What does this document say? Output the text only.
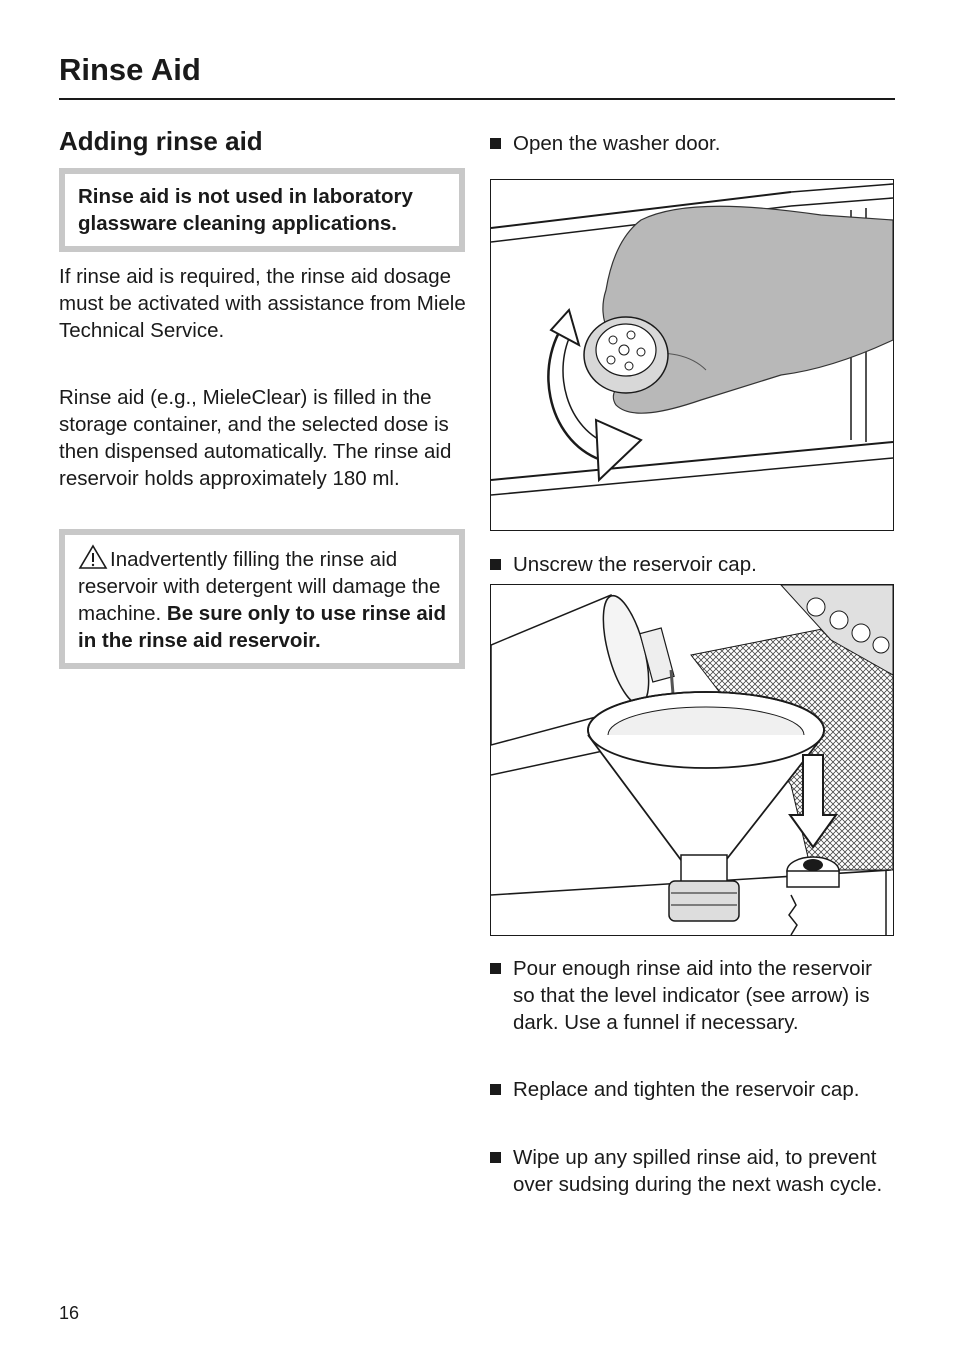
Rinse Aid
Adding rinse aid
Rinse aid is not used in laboratory glassware cleaning applications.

If rinse aid is required, the rinse aid dosage must be activated with assistance from Miele Technical Service.

Rinse aid (e.g., MieleClear) is filled in the storage container, and the selected dose is then dispensed automatically. The rinse aid reservoir holds approximately 180 ml.

Inadvertently filling the rinse aid reservoir with detergent will damage the machine. Be sure only to use rinse aid in the rinse aid reservoir.
Open the washer door.
Unscrew the reservoir cap.
Pour enough rinse aid into the reservoir so that the level indicator (see arrow) is dark. Use a funnel if necessary.
Replace and tighten the reservoir cap.
Wipe up any spilled rinse aid, to prevent over sudsing during the next wash cycle.
16
